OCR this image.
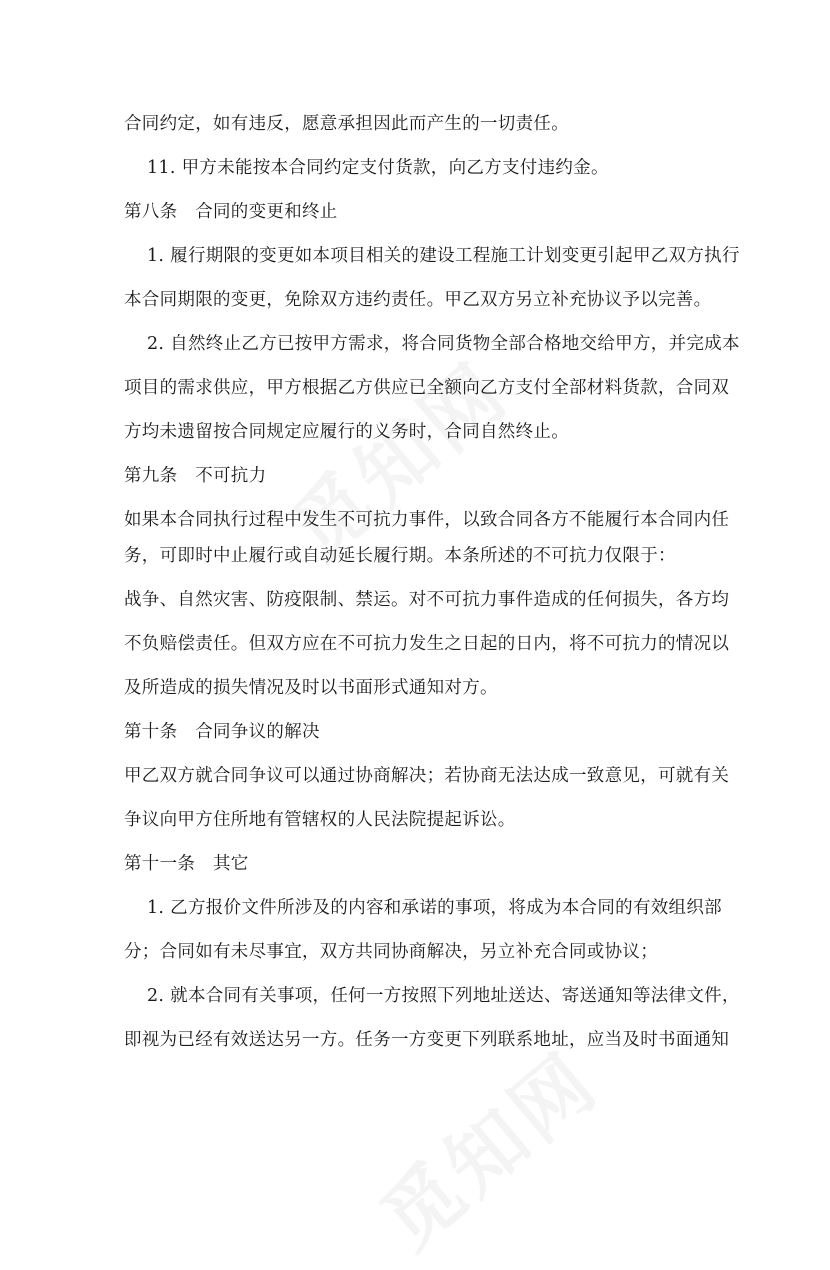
合同约定，如有违反，愿意承担因此而产生的一切责任。
11. 甲方未能按本合同约定支付货款，向乙方支付违约金。
第八条　合同的变更和终止
1. 履行期限的变更如本项目相关的建设工程施工计划变更引起甲乙双方执行
本合同期限的变更，免除双方违约责任。甲乙双方另立补充协议予以完善。
2. 自然终止乙方已按甲方需求，将合同货物全部合格地交给甲方，并完成本
项目的需求供应，甲方根据乙方供应已全额向乙方支付全部材料货款，合同双
方均未遗留按合同规定应履行的义务时，合同自然终止。
第九条　不可抗力
如果本合同执行过程中发生不可抗力事件，以致合同各方不能履行本合同内任
务，可即时中止履行或自动延长履行期。本条所述的不可抗力仅限于：
战争、自然灾害、防疫限制、禁运。对不可抗力事件造成的任何损失，各方均
不负赔偿责任。但双方应在不可抗力发生之日起的日内，将不可抗力的情况以
及所造成的损失情况及时以书面形式通知对方。
第十条　合同争议的解决
甲乙双方就合同争议可以通过协商解决；若协商无法达成一致意见，可就有关
争议向甲方住所地有管辖权的人民法院提起诉讼。
第十一条　其它
1. 乙方报价文件所涉及的内容和承诺的事项，将成为本合同的有效组织部
分；合同如有未尽事宜，双方共同协商解决，另立补充合同或协议；
2. 就本合同有关事项，任何一方按照下列地址送达、寄送通知等法律文件，
即视为已经有效送达另一方。任务一方变更下列联系地址，应当及时书面通知
